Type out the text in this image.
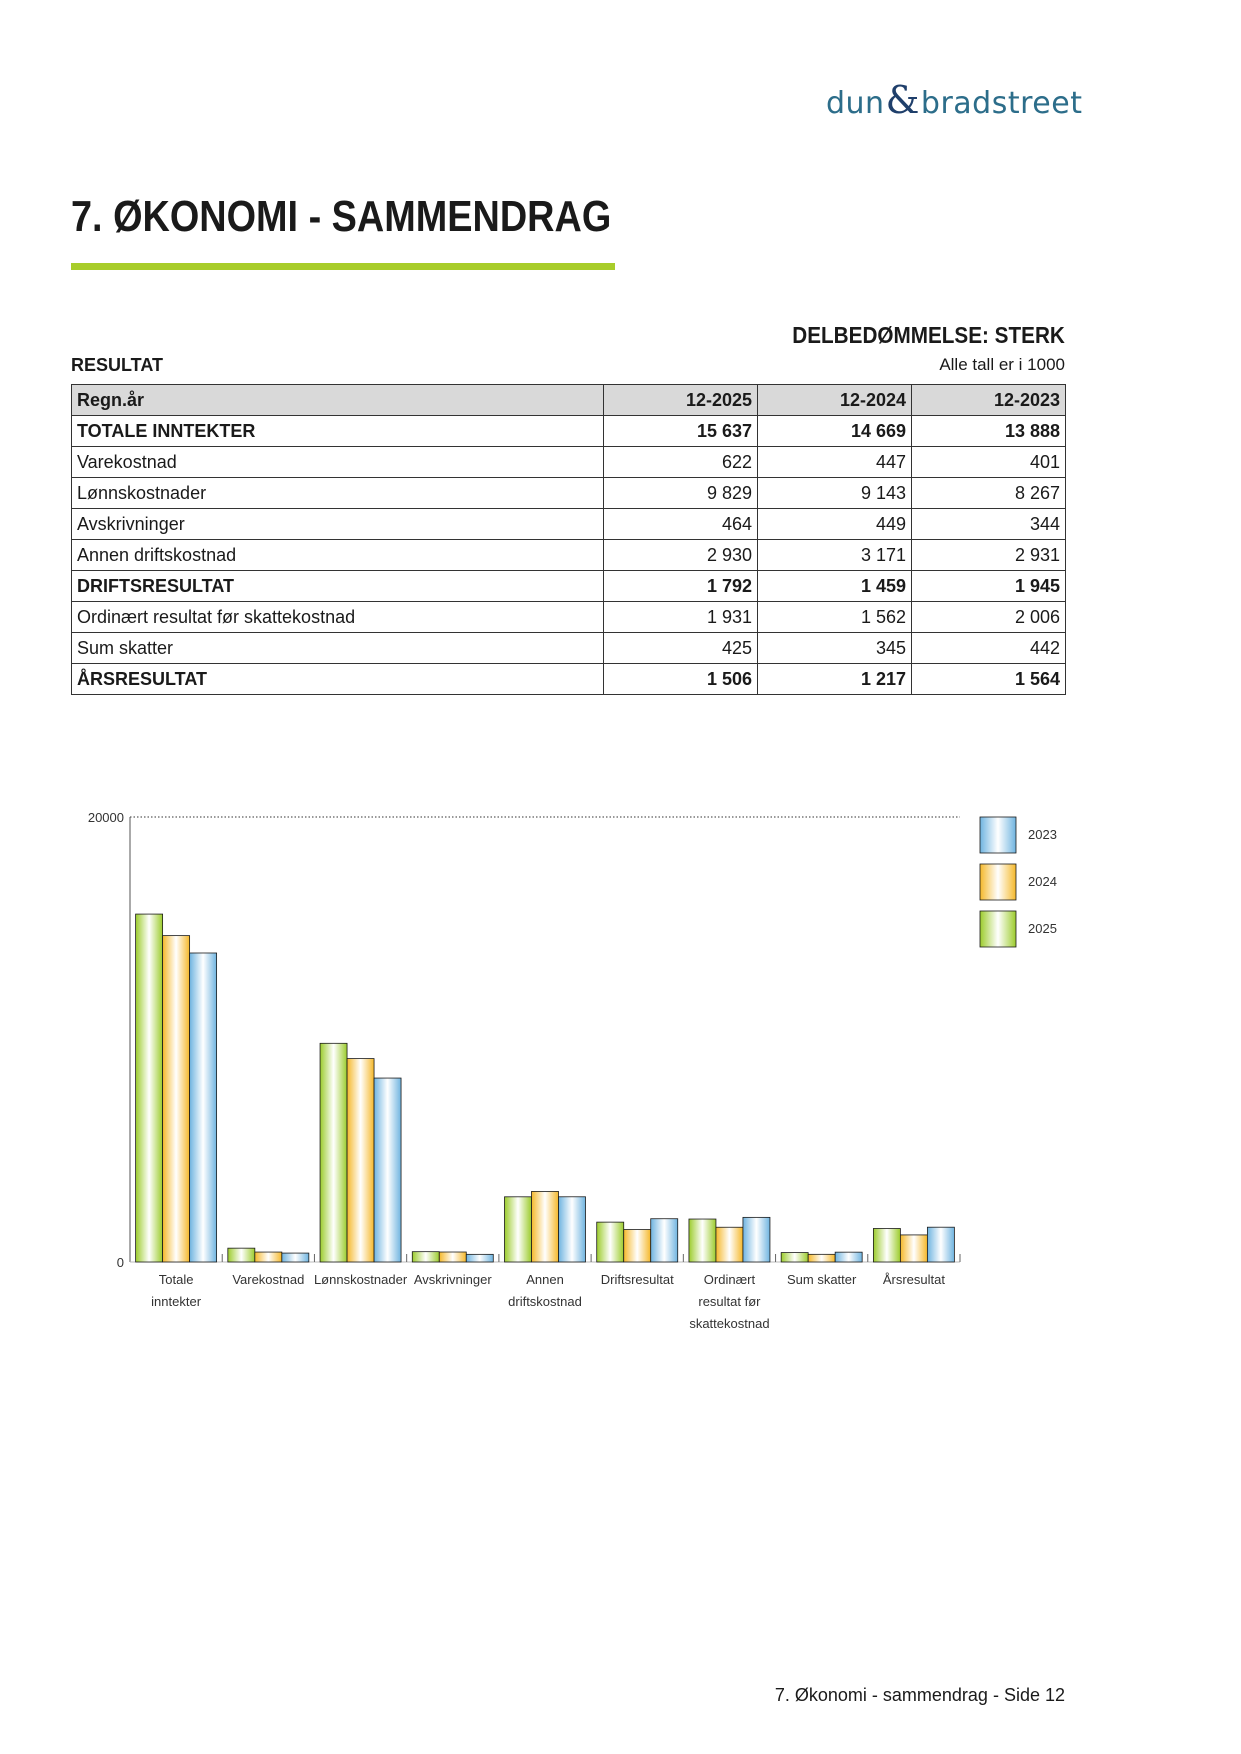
dun&bradstreet
7. ØKONOMI - SAMMENDRAG
DELBEDØMMELSE: STERK
RESULTAT	Alle tall er i 1000
Regn.år	12-2025	12-2024	12-2023
TOTALE INNTEKTER	15 637	14 669	13 888
Varekostnad	622	447	401
Lønnskostnader	9 829	9 143	8 267
Avskrivninger	464	449	344
Annen driftskostnad	2 930	3 171	2 931
DRIFTSRESULTAT	1 792	1 459	1 945
Ordinært resultat før skattekostnad	1 931	1 562	2 006
Sum skatter	425	345	442
ÅRSRESULTAT	1 506	1 217	1 564
0
20000
Totale
inntekter
Varekostnad Lønnskostnader Avskrivninger	Annen
driftskostnad
Driftsresultat Ordinært
resultat før
skattekostnad
Sum skatter Årsresultat
2023
2024
2025
7. Økonomi - sammendrag - Side 12
